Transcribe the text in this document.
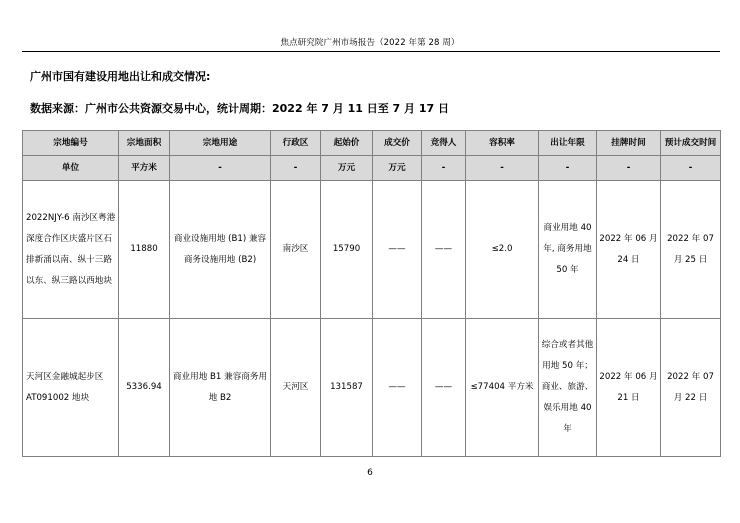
焦点研究院广州市场报告（2022 年第 28 周）
广州市国有建设用地出让和成交情况:
数据来源：广州市公共资源交易中心，统计周期：2022 年 7 月 11 日至 7 月 17 日
宗地编号	宗地面积	宗地用途	行政区	起始价	成交价	竞得人	容积率	出让年限	挂牌时间	预计成交时间
单位	平方米	-	-	万元	万元	-	-	-	-	-
2022NJY-6 南沙区粤港深度合作区庆盛片区石排新涌以南、纵十三路以东、纵三路以西地块	11880	商业设施用地 (B1) 兼容商务设施用地 (B2)	南沙区	15790	——	——	≤2.0	商业用地 40 年, 商务用地 50 年	2022 年 06 月 24 日	2022 年 07 月 25 日
天河区金融城起步区 AT091002 地块	5336.94	商业用地 B1 兼容商务用地 B2	天河区	131587	——	——	≤77404 平方米	综合或者其他用地 50 年；商业、旅游、娱乐用地 40 年	2022 年 06 月 21 日	2022 年 07 月 22 日
6
